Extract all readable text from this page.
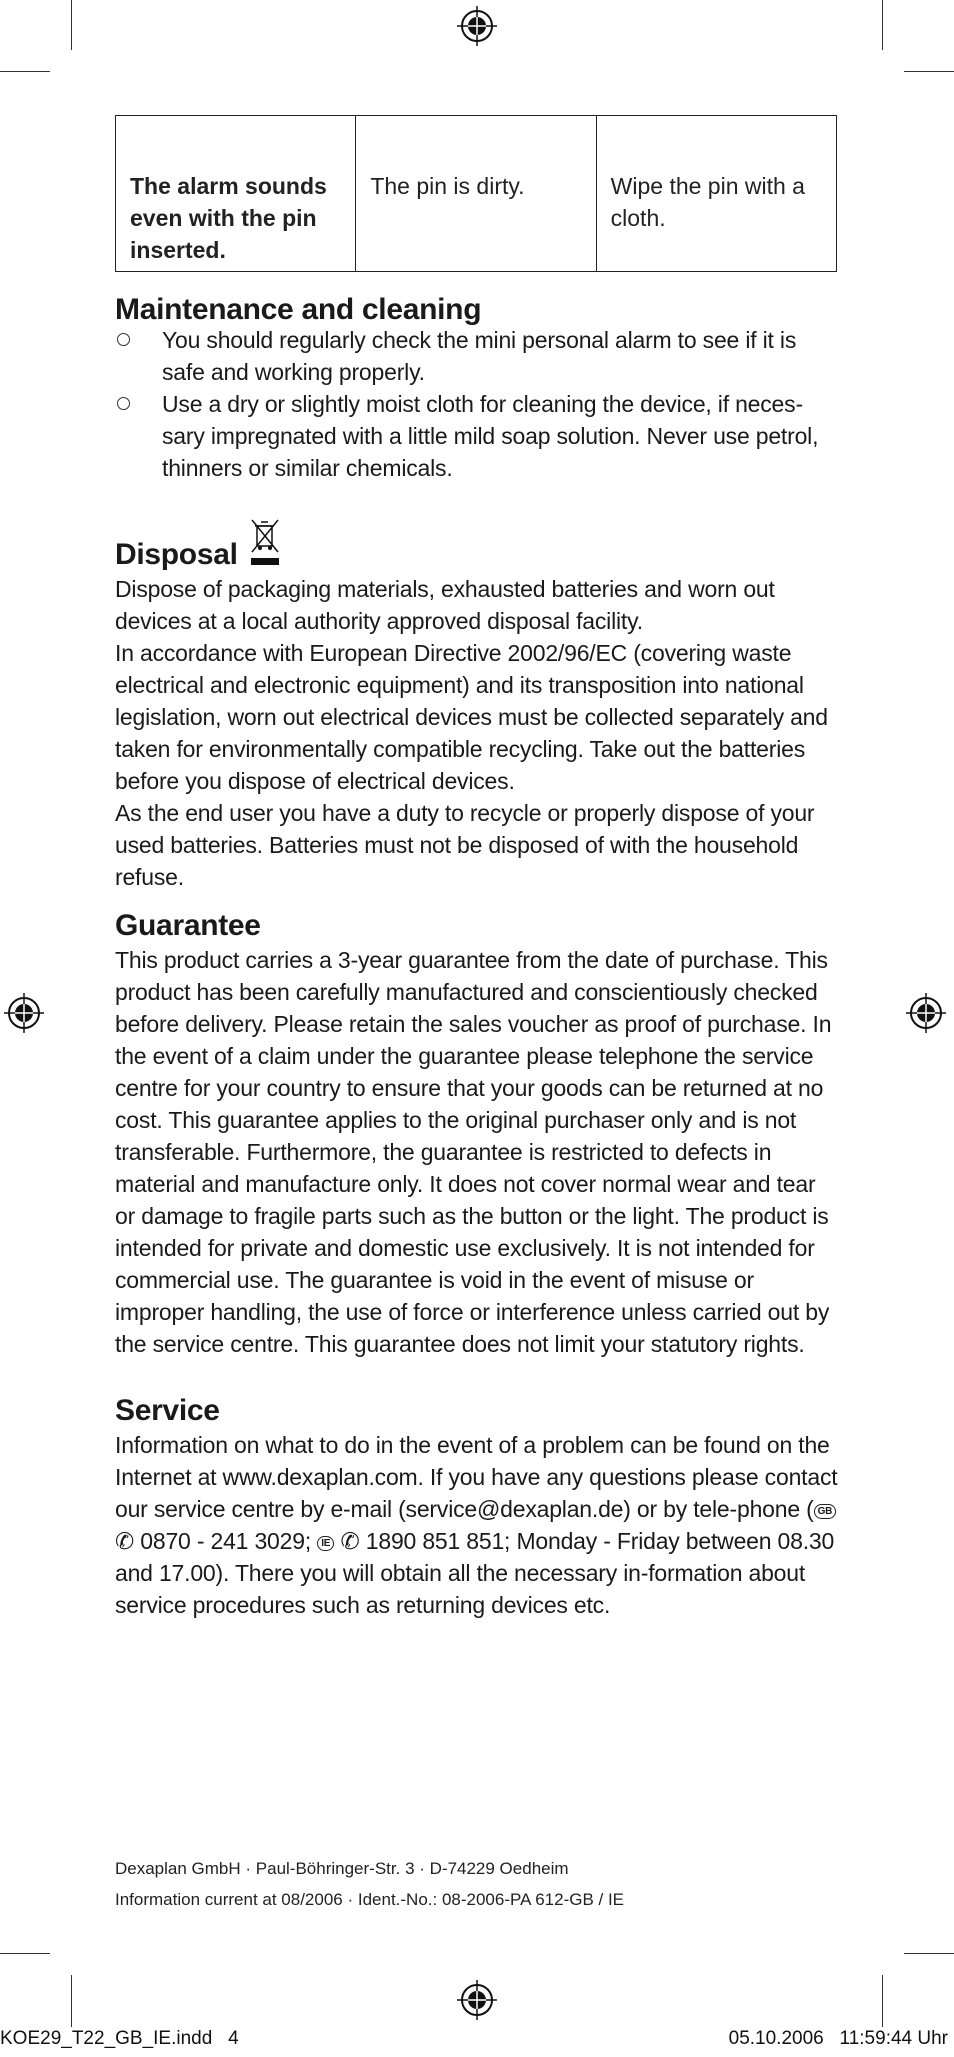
The alarm sounds even with the pin inserted.	The pin is dirty.	Wipe the pin with a cloth.
Maintenance and cleaning
You should regularly check the mini personal alarm to see if it is safe and working properly.
Use a dry or slightly moist cloth for cleaning the device, if neces-sary impregnated with a little mild soap solution. Never use petrol, thinners or similar chemicals.
Disposal

Dispose of packaging materials, exhausted batteries and worn out devices at a local authority approved disposal facility.

In accordance with European Directive 2002/96/EC (covering waste electrical and electronic equipment) and its transposition into national legislation, worn out electrical devices must be collected separately and taken for environmentally compatible recycling. Take out the batteries before you dispose of electrical devices.

As the end user you have a duty to recycle or properly dispose of your used batteries. Batteries must not be disposed of with the household refuse.

Guarantee

This product carries a 3-year guarantee from the date of purchase. This product has been carefully manufactured and conscientiously checked before delivery. Please retain the sales voucher as proof of purchase. In the event of a claim under the guarantee please telephone the service centre for your country to ensure that your goods can be returned at no cost. This guarantee applies to the original purchaser only and is not transferable. Furthermore, the guarantee is restricted to defects in material and manufacture only. It does not cover normal wear and tear or damage to fragile parts such as the button or the light. The product is intended for private and domestic use exclusively. It is not intended for commercial use. The guarantee is void in the event of misuse or improper handling, the use of force or interference unless carried out by the service centre. This guarantee does not limit your statutory rights.

Service

Information on what to do in the event of a problem can be found on the Internet at www.dexaplan.com. If you have any questions please contact our service centre by e-mail (service@dexaplan.de) or by tele-phone ( GB ✆ 0870 - 241 3029; IE ✆ 1890 851 851; Monday - Friday between 08.30 and 17.00). There you will obtain all the necessary in-formation about service procedures such as returning devices etc.

Dexaplan GmbH · Paul-Böhringer-Str. 3 · D-74229 Oedheim
Information current at 08/2006 · Ident.-No.: 08-2006-PA 612-GB / IE
KOE29_T22_GB_IE.indd   4	05.10.2006   11:59:44 Uhr
